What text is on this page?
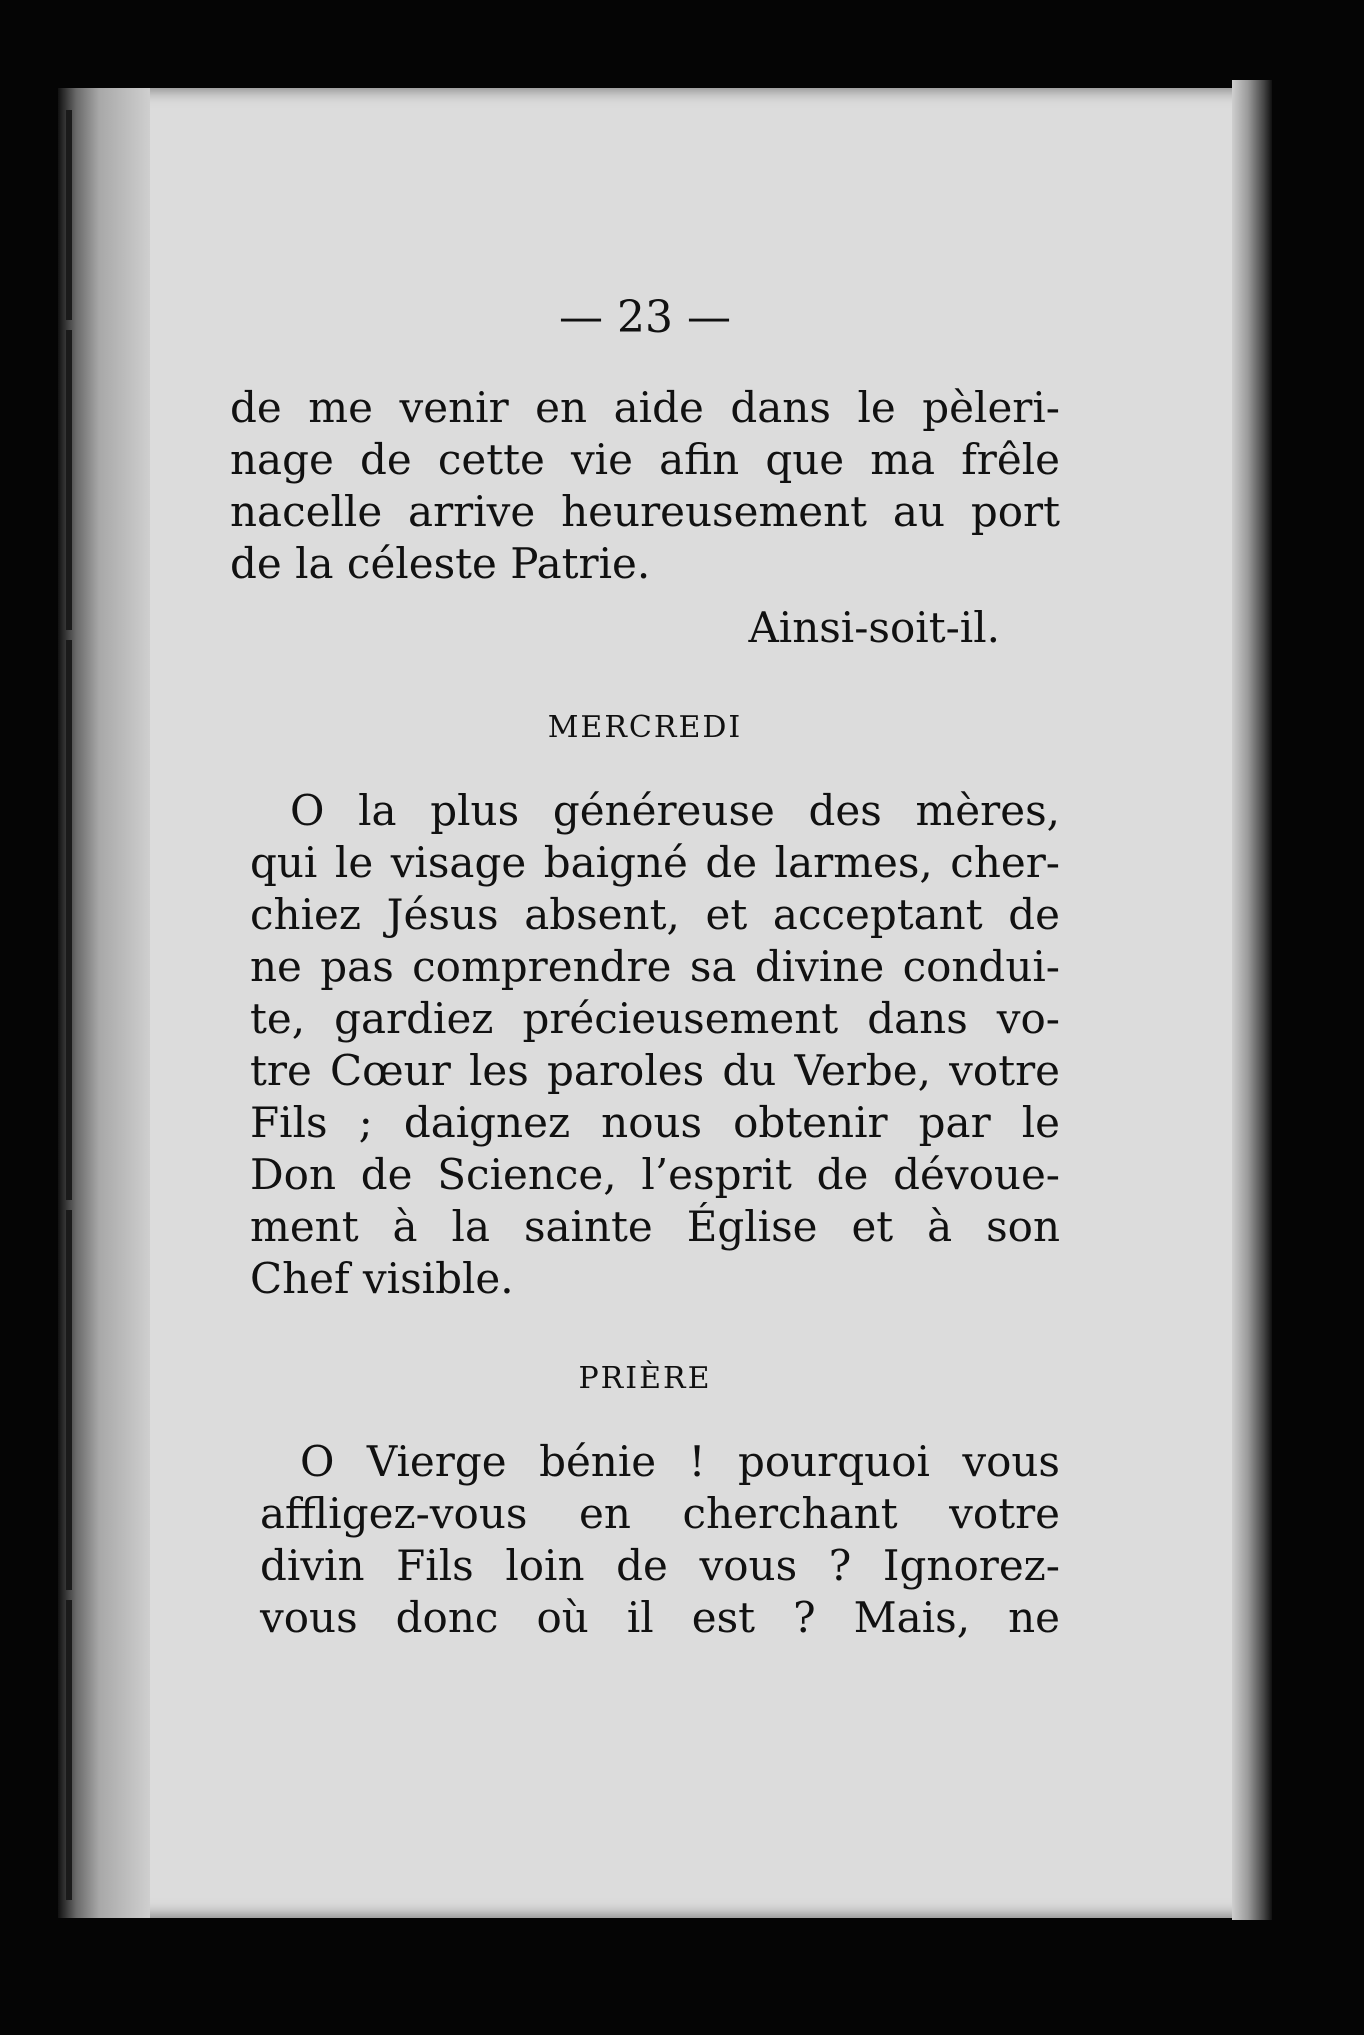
— 23 —

de me venir en aide dans le pèleri-
nage de cette vie afin que ma frêle
nacelle arrive heureusement au port
de la céleste Patrie.

Ainsi-soit-il.
MERCREDI

O la plus généreuse des mères,
qui le visage baigné de larmes, cher-
chiez Jésus absent, et acceptant de
ne pas comprendre sa divine condui-
te, gardiez précieusement dans vo-
tre Cœur les paroles du Verbe, votre
Fils ; daignez nous obtenir par le
Don de Science, l’esprit de dévoue-
ment à la sainte Église et à son
Chef visible.

PRIÈRE

O Vierge bénie ! pourquoi vous
affligez-vous en cherchant votre
divin Fils loin de vous ? Ignorez-
vous donc où il est ? Mais, ne
